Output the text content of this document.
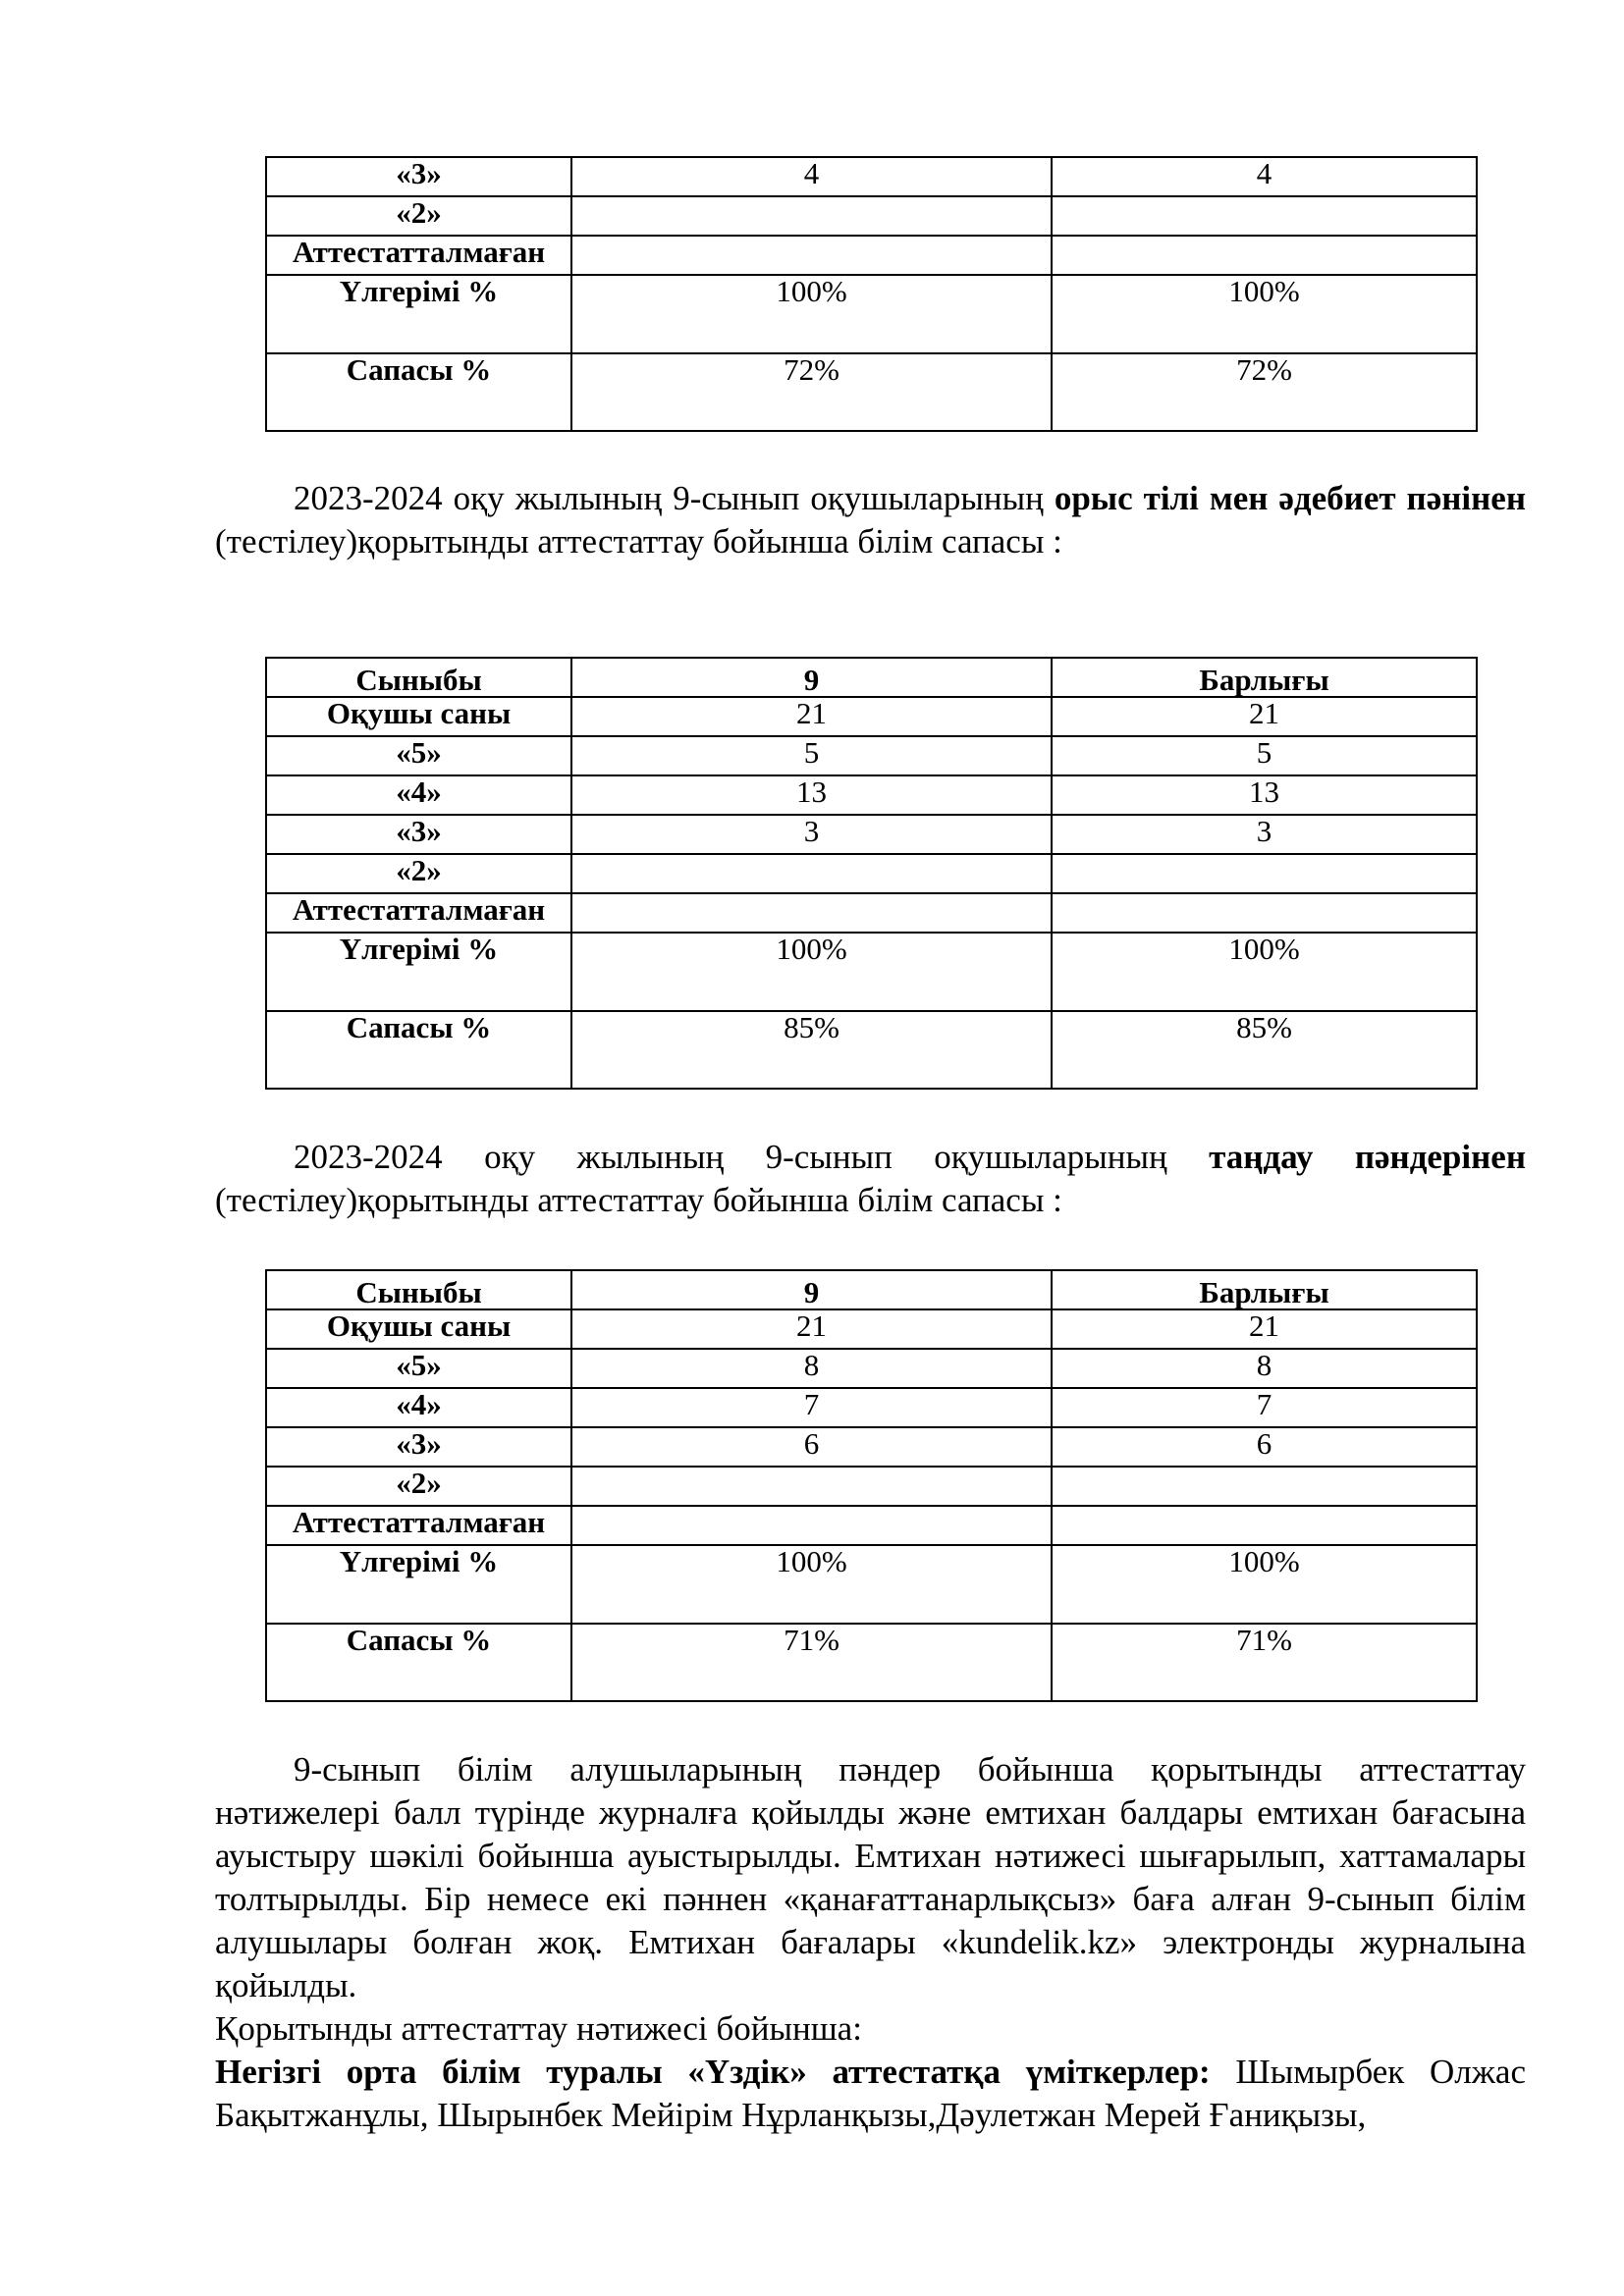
«3»	4	4
«2»		
Аттестатталмаған		
Үлгерімі %	100%	100%
Сапасы %	72%	72%

2023-2024 оқу жылының 9-сынып оқушыларының орыс тілі мен әдебиет пәнінен (тестілеу)қорытынды аттестаттау бойынша білім сапасы :

Сыныбы	9	Барлығы
Оқушы саны	21	21
«5»	5	5
«4»	13	13
«3»	3	3
«2»		
Аттестатталмаған		
Үлгерімі %	100%	100%
Сапасы %	85%	85%

2023-2024 оқу жылының 9-сынып оқушыларының таңдау пәндерінен (тестілеу)қорытынды аттестаттау бойынша білім сапасы :

Сыныбы	9	Барлығы
Оқушы саны	21	21
«5»	8	8
«4»	7	7
«3»	6	6
«2»		
Аттестатталмаған		
Үлгерімі %	100%	100%
Сапасы %	71%	71%

9-сынып білім алушыларының пәндер бойынша қорытынды аттестаттау нәтижелері балл түрінде журналға қойылды және емтихан балдары емтихан бағасына ауыстыру шәкілі бойынша ауыстырылды. Емтихан нәтижесі шығарылып, хаттамалары толтырылды. Бір немесе екі пәннен «қанағаттанарлықсыз» баға алған 9-сынып білім алушылары болған жоқ. Емтихан бағалары «kundelik.kz» электронды журналына қойылды.

Қорытынды аттестаттау нәтижесі бойынша:

Негізгі орта білім туралы «Үздік» аттестатқа үміткерлер: Шымырбек Олжас Бақытжанұлы, Шырынбек Мейірім Нұрланқызы,Дәулетжан Мерей Ғаниқызы,
